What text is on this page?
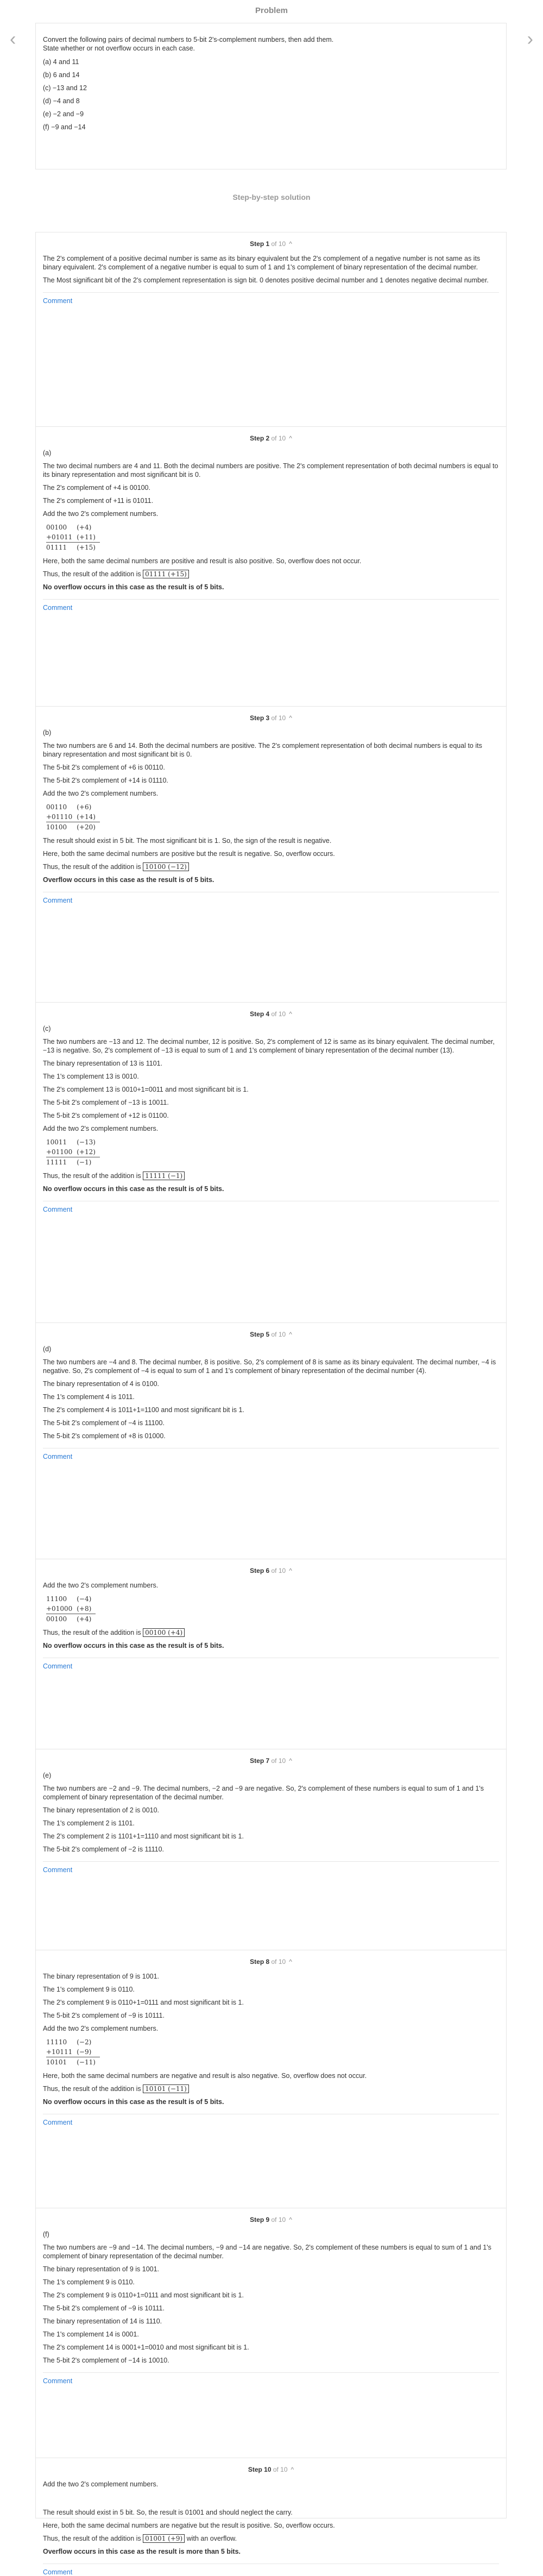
Problem
‹	›
Convert the following pairs of decimal numbers to 5-bit 2's-complement numbers, then add them. State whether or not overflow occurs in each case.
(a) 4 and 11
(b) 6 and 14
(c) −13 and 12
(d) −4 and 8
(e) −2 and −9
(f) −9 and −14
Step-by-step solution
Step 1 of 10 ^
The 2's complement of a positive decimal number is same as its binary equivalent but the 2's complement of a negative number is not same as its binary equivalent. 2's complement of a negative number is equal to sum of 1 and 1's complement of binary representation of the decimal number.
The Most significant bit of the 2's complement representation is sign bit. 0 denotes positive decimal number and 1 denotes negative decimal number.
Comment
Step 2 of 10 ^
(a)
The two decimal numbers are 4 and 11. Both the decimal numbers are positive. The 2's complement representation of both decimal numbers is equal to its binary representation and most significant bit is 0.
The 2's complement of +4 is 00100.
The 2's complement of +11 is 01011.
Add the two 2's complement numbers.
00100	(+4)
+01011	(+11)
01111	(+15)
Here, both the same decimal numbers are positive and result is also positive. So, overflow does not occur.
Thus, the result of the addition is 01111 (+15)
No overflow occurs in this case as the result is of 5 bits.
Comment
Step 3 of 10 ^
(b)
The two numbers are 6 and 14. Both the decimal numbers are positive. The 2's complement representation of both decimal numbers is equal to its binary representation and most significant bit is 0.
The 5-bit 2's complement of +6 is 00110.
The 5-bit 2's complement of +14 is 01110.
Add the two 2's complement numbers.
00110	(+6)
+01110	(+14)
10100	(+20)
The result should exist in 5 bit. The most significant bit is 1. So, the sign of the result is negative.
Here, both the same decimal numbers are positive but the result is negative. So, overflow occurs.
Thus, the result of the addition is 10100 (−12)
Overflow occurs in this case as the result is of 5 bits.
Comment
Step 4 of 10 ^
(c)
The two numbers are −13 and 12. The decimal number, 12 is positive. So, 2's complement of 12 is same as its binary equivalent. The decimal number, −13 is negative. So, 2's complement of −13 is equal to sum of 1 and 1's complement of binary representation of the decimal number (13).
The binary representation of 13 is 1101.
The 1's complement 13 is 0010.
The 2's complement 13 is 0010+1=0011 and most significant bit is 1.
The 5-bit 2's complement of −13 is 10011.
The 5-bit 2's complement of +12 is 01100.
Add the two 2's complement numbers.
10011	(−13)
+01100	(+12)
11111	(−1)
Thus, the result of the addition is 11111 (−1)
No overflow occurs in this case as the result is of 5 bits.
Comment
Step 5 of 10 ^
(d)
The two numbers are −4 and 8. The decimal number, 8 is positive. So, 2's complement of 8 is same as its binary equivalent. The decimal number, −4 is negative. So, 2's complement of −4 is equal to sum of 1 and 1's complement of binary representation of the decimal number (4).
The binary representation of 4 is 0100.
The 1's complement 4 is 1011.
The 2's complement 4 is 1011+1=1100 and most significant bit is 1.
The 5-bit 2's complement of −4 is 11100.
The 5-bit 2's complement of +8 is 01000.
Comment
Step 6 of 10 ^
Add the two 2's complement numbers.
11100	(−4)
+01000	(+8)
00100	(+4)
Thus, the result of the addition is 00100 (+4)
No overflow occurs in this case as the result is of 5 bits.
Comment
Step 7 of 10 ^
(e)
The two numbers are −2 and −9. The decimal numbers, −2 and −9 are negative. So, 2's complement of these numbers is equal to sum of 1 and 1's complement of binary representation of the decimal number.
The binary representation of 2 is 0010.
The 1's complement 2 is 1101.
The 2's complement 2 is 1101+1=1110 and most significant bit is 1.
The 5-bit 2's complement of −2 is 11110.
Comment
Step 8 of 10 ^
The binary representation of 9 is 1001.
The 1's complement 9 is 0110.
The 2's complement 9 is 0110+1=0111 and most significant bit is 1.
The 5-bit 2's complement of −9 is 10111.
Add the two 2's complement numbers.
11110	(−2)
+10111	(−9)
10101	(−11)
Here, both the same decimal numbers are negative and result is also negative. So, overflow does not occur.
Thus, the result of the addition is 10101 (−11)
No overflow occurs in this case as the result is of 5 bits.
Comment
Step 9 of 10 ^
(f)
The two numbers are −9 and −14. The decimal numbers, −9 and −14 are negative. So, 2's complement of these numbers is equal to sum of 1 and 1's complement of binary representation of the decimal number.
The binary representation of 9 is 1001.
The 1's complement 9 is 0110.
The 2's complement 9 is 0110+1=0111 and most significant bit is 1.
The 5-bit 2's complement of −9 is 10111.
The binary representation of 14 is 1110.
The 1's complement 14 is 0001.
The 2's complement 14 is 0001+1=0010 and most significant bit is 1.
The 5-bit 2's complement of −14 is 10010.
Comment
Step 10 of 10 ^
Add the two 2's complement numbers.
The result should exist in 5 bit. So, the result is 01001 and should neglect the carry.
Here, both the same decimal numbers are negative but the result is positive. So, overflow occurs.
Thus, the result of the addition is 01001 (+9) with an overflow.
Overflow occurs in this case as the result is more than 5 bits.
Comment
